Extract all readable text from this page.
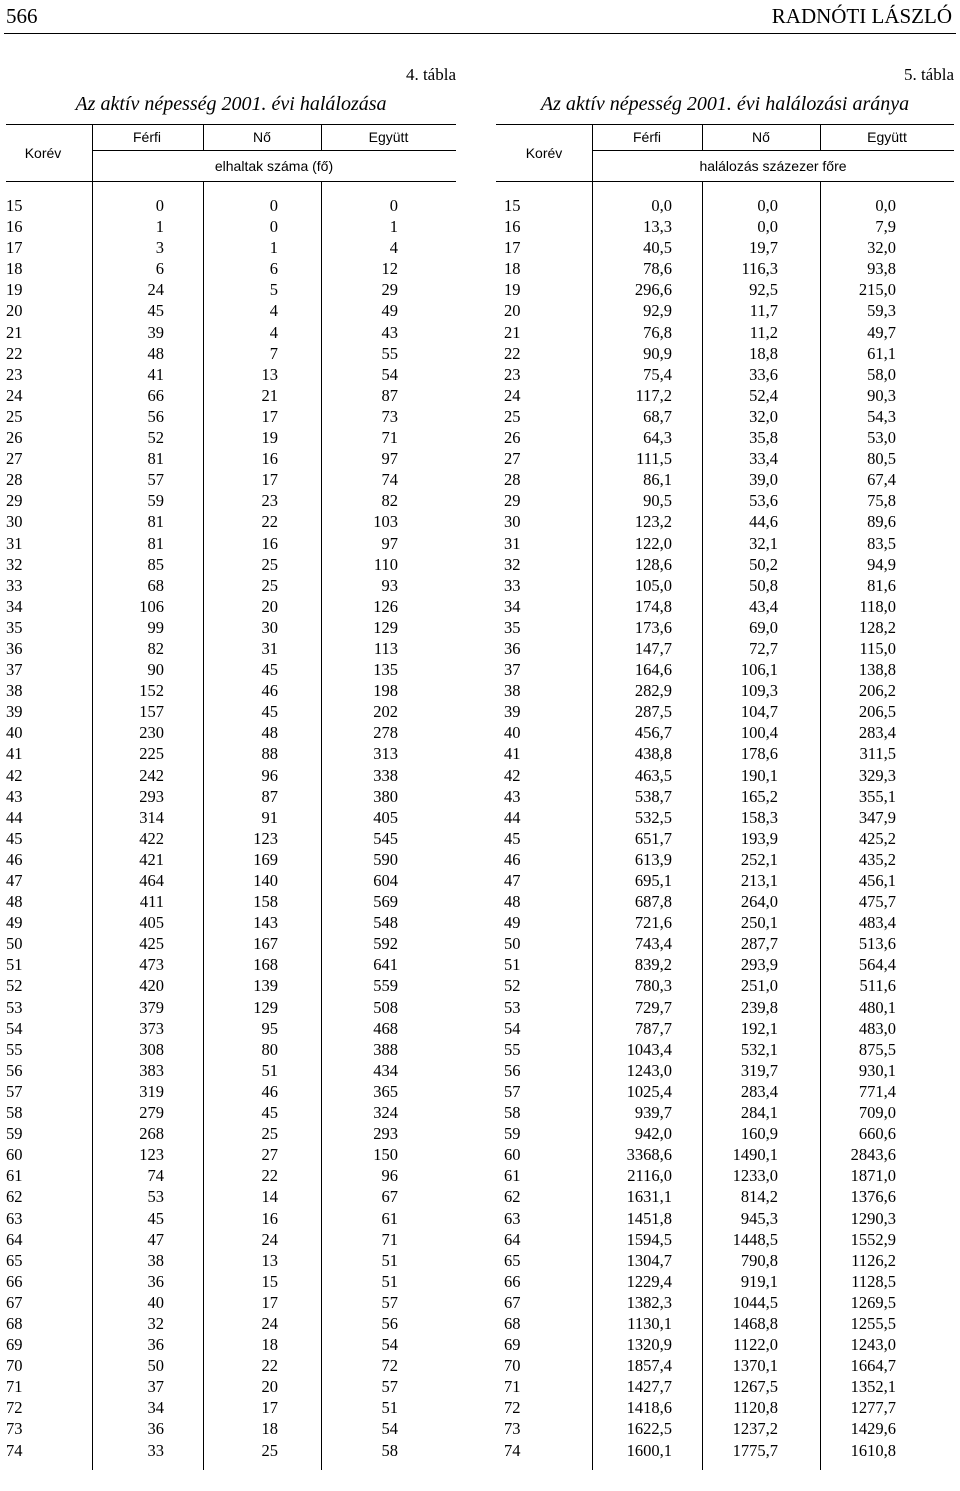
566	RADNÓTI LÁSZLÓ
4. tábla
Az aktív népesség 2001. évi halálozása
Korév
Férfi	Nő	Együtt
elhaltak száma (fő)
15	0	0	0
16	1	0	1
17	3	1	4
18	6	6	12
19	24	5	29
20	45	4	49
21	39	4	43
22	48	7	55
23	41	13	54
24	66	21	87
25	56	17	73
26	52	19	71
27	81	16	97
28	57	17	74
29	59	23	82
30	81	22	103
31	81	16	97
32	85	25	110
33	68	25	93
34	106	20	126
35	99	30	129
36	82	31	113
37	90	45	135
38	152	46	198
39	157	45	202
40	230	48	278
41	225	88	313
42	242	96	338
43	293	87	380
44	314	91	405
45	422	123	545
46	421	169	590
47	464	140	604
48	411	158	569
49	405	143	548
50	425	167	592
51	473	168	641
52	420	139	559
53	379	129	508
54	373	95	468
55	308	80	388
56	383	51	434
57	319	46	365
58	279	45	324
59	268	25	293
60	123	27	150
61	74	22	96
62	53	14	67
63	45	16	61
64	47	24	71
65	38	13	51
66	36	15	51
67	40	17	57
68	32	24	56
69	36	18	54
70	50	22	72
71	37	20	57
72	34	17	51
73	36	18	54
74	33	25	58
5. tábla
Az aktív népesség 2001. évi halálozási aránya
Korév
Férfi	Nő	Együtt
halálozás százezer főre
15	0,0	0,0	0,0
16	13,3	0,0	7,9
17	40,5	19,7	32,0
18	78,6	116,3	93,8
19	296,6	92,5	215,0
20	92,9	11,7	59,3
21	76,8	11,2	49,7
22	90,9	18,8	61,1
23	75,4	33,6	58,0
24	117,2	52,4	90,3
25	68,7	32,0	54,3
26	64,3	35,8	53,0
27	111,5	33,4	80,5
28	86,1	39,0	67,4
29	90,5	53,6	75,8
30	123,2	44,6	89,6
31	122,0	32,1	83,5
32	128,6	50,2	94,9
33	105,0	50,8	81,6
34	174,8	43,4	118,0
35	173,6	69,0	128,2
36	147,7	72,7	115,0
37	164,6	106,1	138,8
38	282,9	109,3	206,2
39	287,5	104,7	206,5
40	456,7	100,4	283,4
41	438,8	178,6	311,5
42	463,5	190,1	329,3
43	538,7	165,2	355,1
44	532,5	158,3	347,9
45	651,7	193,9	425,2
46	613,9	252,1	435,2
47	695,1	213,1	456,1
48	687,8	264,0	475,7
49	721,6	250,1	483,4
50	743,4	287,7	513,6
51	839,2	293,9	564,4
52	780,3	251,0	511,6
53	729,7	239,8	480,1
54	787,7	192,1	483,0
55	1043,4	532,1	875,5
56	1243,0	319,7	930,1
57	1025,4	283,4	771,4
58	939,7	284,1	709,0
59	942,0	160,9	660,6
60	3368,6	1490,1	2843,6
61	2116,0	1233,0	1871,0
62	1631,1	814,2	1376,6
63	1451,8	945,3	1290,3
64	1594,5	1448,5	1552,9
65	1304,7	790,8	1126,2
66	1229,4	919,1	1128,5
67	1382,3	1044,5	1269,5
68	1130,1	1468,8	1255,5
69	1320,9	1122,0	1243,0
70	1857,4	1370,1	1664,7
71	1427,7	1267,5	1352,1
72	1418,6	1120,8	1277,7
73	1622,5	1237,2	1429,6
74	1600,1	1775,7	1610,8
